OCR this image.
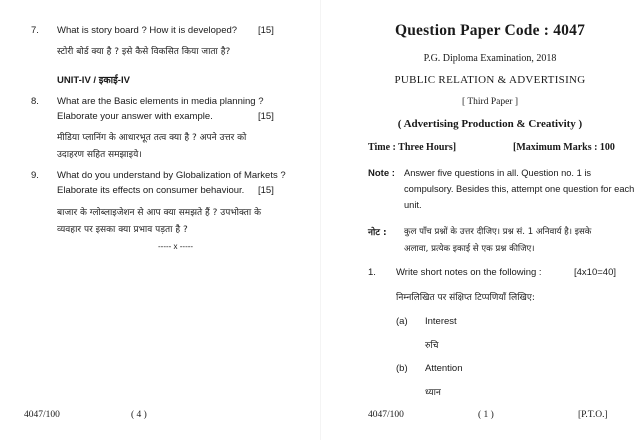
7. What is story board ? How it is developed? [15]
स्टोरी बोर्ड क्या है ? इसे कैसे विकसित किया जाता है?
UNIT-IV / इकाई-IV
8. What are the Basic elements in media planning ?
Elaborate your answer with example.	[15]
मीडिया प्लानिंग के आधारभूत तत्व क्या है ? अपने उत्तर को
उदाहरण सहित समझाइये।
9. What do you understand by Globalization of Markets ?
Elaborate its effects on consumer behaviour. [15]
बाजार के ग्लोब्लाइजेशन से आप क्या समझते हैं ? उपभोक्ता के
व्यवहार पर इसका क्या प्रभाव पड़ता है ?
----- x -----
4047/100	( 4 )
Question Paper Code : 4047
P.G. Diploma Examination, 2018
PUBLIC RELATION & ADVERTISING
[ Third Paper ]
( Advertising Production & Creativity )
Time : Three Hours]	[Maximum Marks : 100
Note : Answer five questions in all. Question no. 1 is
compulsory. Besides this, attempt one question for each
unit.
नोट : कुल पाँच प्रश्नों के उत्तर दीजिए। प्रश्न सं. 1 अनिवार्य है। इसके
अलावा, प्रत्येक इकाई से एक प्रश्न कीजिए।
1. Write short notes on the following :	[4x10=40]
निम्नलिखित पर संक्षिप्त टिप्पणियाँ लिखिए:
(a) Interest
रुचि
(b) Attention
ध्यान
4047/100	( 1 )	[P.T.O.]
